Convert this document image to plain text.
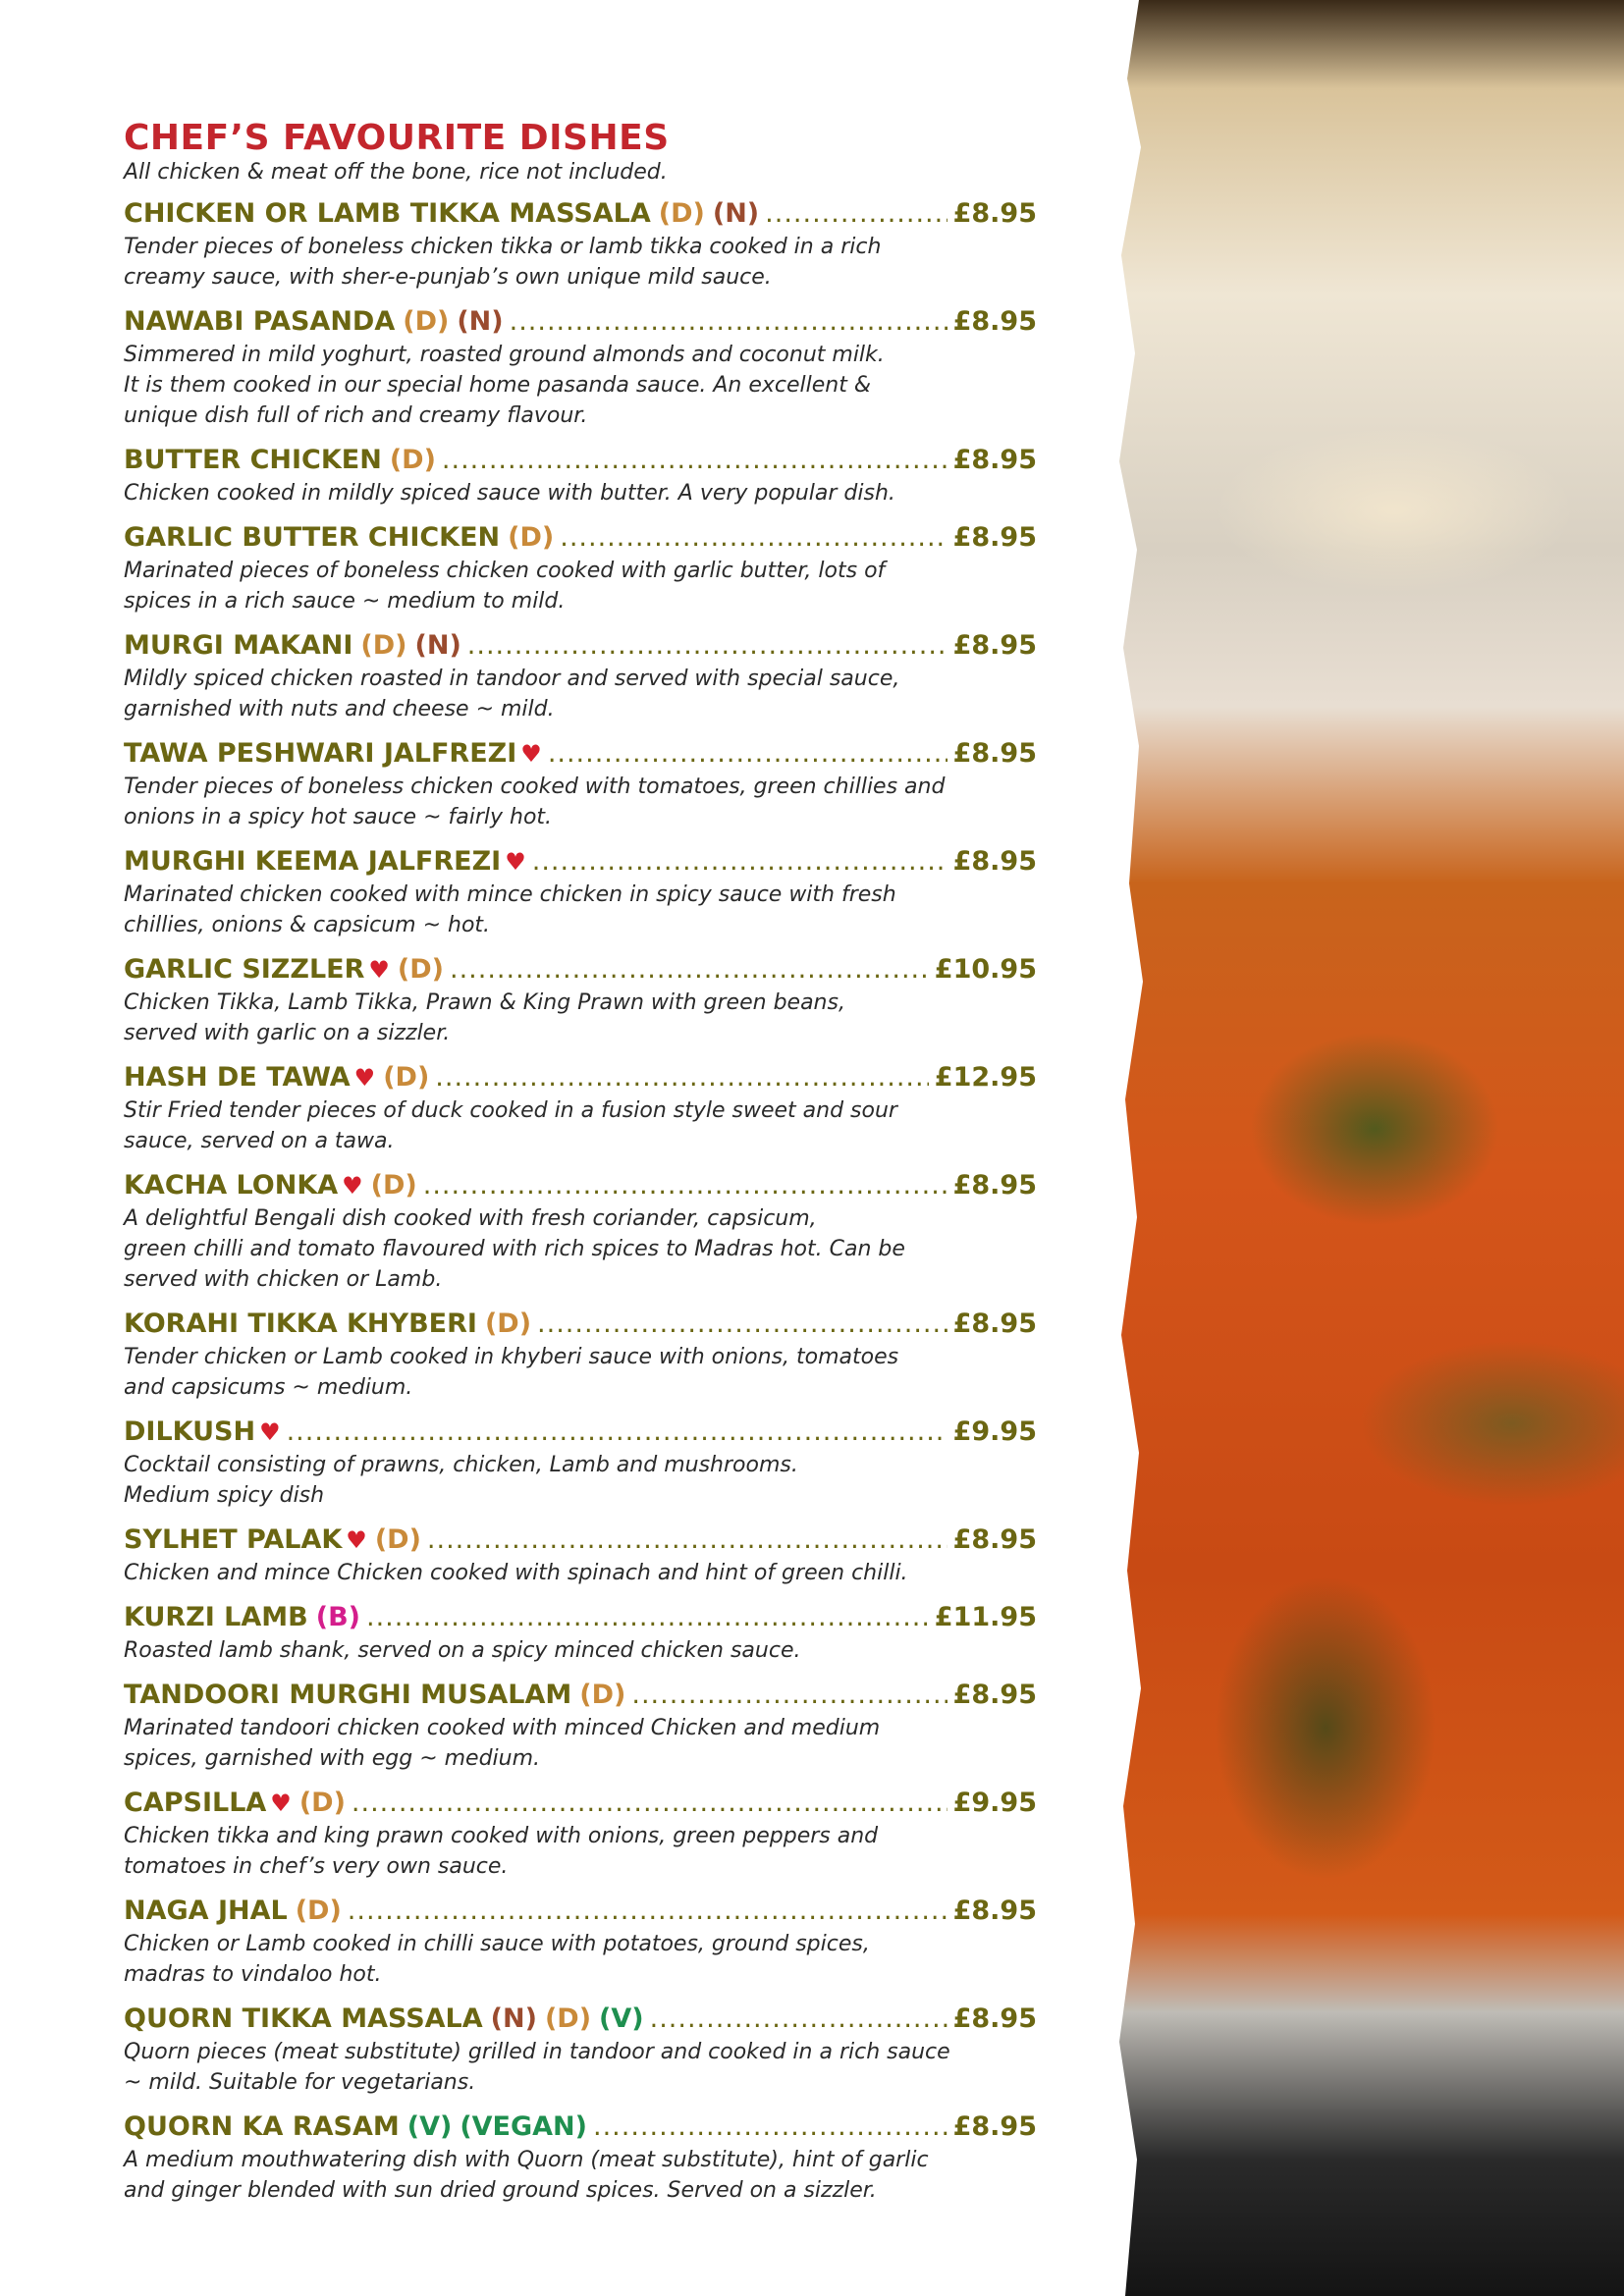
CHEF’S FAVOURITE DISHES

All chicken & meat off the bone, rice not included.

CHICKEN OR LAMB TIKKA MASSALA (D) (N) .....	£8.95

Tender pieces of boneless chicken tikka or lamb tikka cooked in a rich
creamy sauce, with sher-e-punjab’s own unique mild sauce.

NAWABI PASANDA (D) (N) .....	£8.95

Simmered in mild yoghurt, roasted ground almonds and coconut milk.
It is them cooked in our special home pasanda sauce. An excellent &
unique dish full of rich and creamy flavour.

BUTTER CHICKEN (D) .....	£8.95

Chicken cooked in mildly spiced sauce with butter. A very popular dish.

GARLIC BUTTER CHICKEN (D) .....	£8.95

Marinated pieces of boneless chicken cooked with garlic butter, lots of
spices in a rich sauce ~ medium to mild.

MURGI MAKANI (D) (N) .....	£8.95

Mildly spiced chicken roasted in tandoor and served with special sauce,
garnished with nuts and cheese ~ mild.

TAWA PESHWARI JALFREZI ♥ .....	£8.95

Tender pieces of boneless chicken cooked with tomatoes, green chillies and
onions in a spicy hot sauce ~ fairly hot.

MURGHI KEEMA JALFREZI ♥ .....	£8.95

Marinated chicken cooked with mince chicken in spicy sauce with fresh
chillies, onions & capsicum ~ hot.

GARLIC SIZZLER ♥ (D) .....	£10.95

Chicken Tikka, Lamb Tikka, Prawn & King Prawn with green beans,
served with garlic on a sizzler.

HASH DE TAWA ♥ (D) .....	£12.95

Stir Fried tender pieces of duck cooked in a fusion style sweet and sour
sauce, served on a tawa.

KACHA LONKA ♥ (D) .....	£8.95

A delightful Bengali dish cooked with fresh coriander, capsicum,
green chilli and tomato flavoured with rich spices to Madras hot. Can be
served with chicken or Lamb.

KORAHI TIKKA KHYBERI (D) .....	£8.95

Tender chicken or Lamb cooked in khyberi sauce with onions, tomatoes
and capsicums ~ medium.

DILKUSH ♥ .....	£9.95

Cocktail consisting of prawns, chicken, Lamb and mushrooms.
Medium spicy dish

SYLHET PALAK ♥ (D) .....	£8.95

Chicken and mince Chicken cooked with spinach and hint of green chilli.

KURZI LAMB (B) .....	£11.95

Roasted lamb shank, served on a spicy minced chicken sauce.

TANDOORI MURGHI MUSALAM (D) .....	£8.95

Marinated tandoori chicken cooked with minced Chicken and medium
spices, garnished with egg ~ medium.

CAPSILLA ♥ (D) .....	£9.95

Chicken tikka and king prawn cooked with onions, green peppers and
tomatoes in chef’s very own sauce.

NAGA JHAL (D) .....	£8.95

Chicken or Lamb cooked in chilli sauce with potatoes, ground spices,
madras to vindaloo hot.

QUORN TIKKA MASSALA (N) (D) (V) .....	£8.95

Quorn pieces (meat substitute) grilled in tandoor and cooked in a rich sauce
~ mild. Suitable for vegetarians.

QUORN KA RASAM (V) (VEGAN) .....	£8.95

A medium mouthwatering dish with Quorn (meat substitute), hint of garlic
and ginger blended with sun dried ground spices. Served on a sizzler.
